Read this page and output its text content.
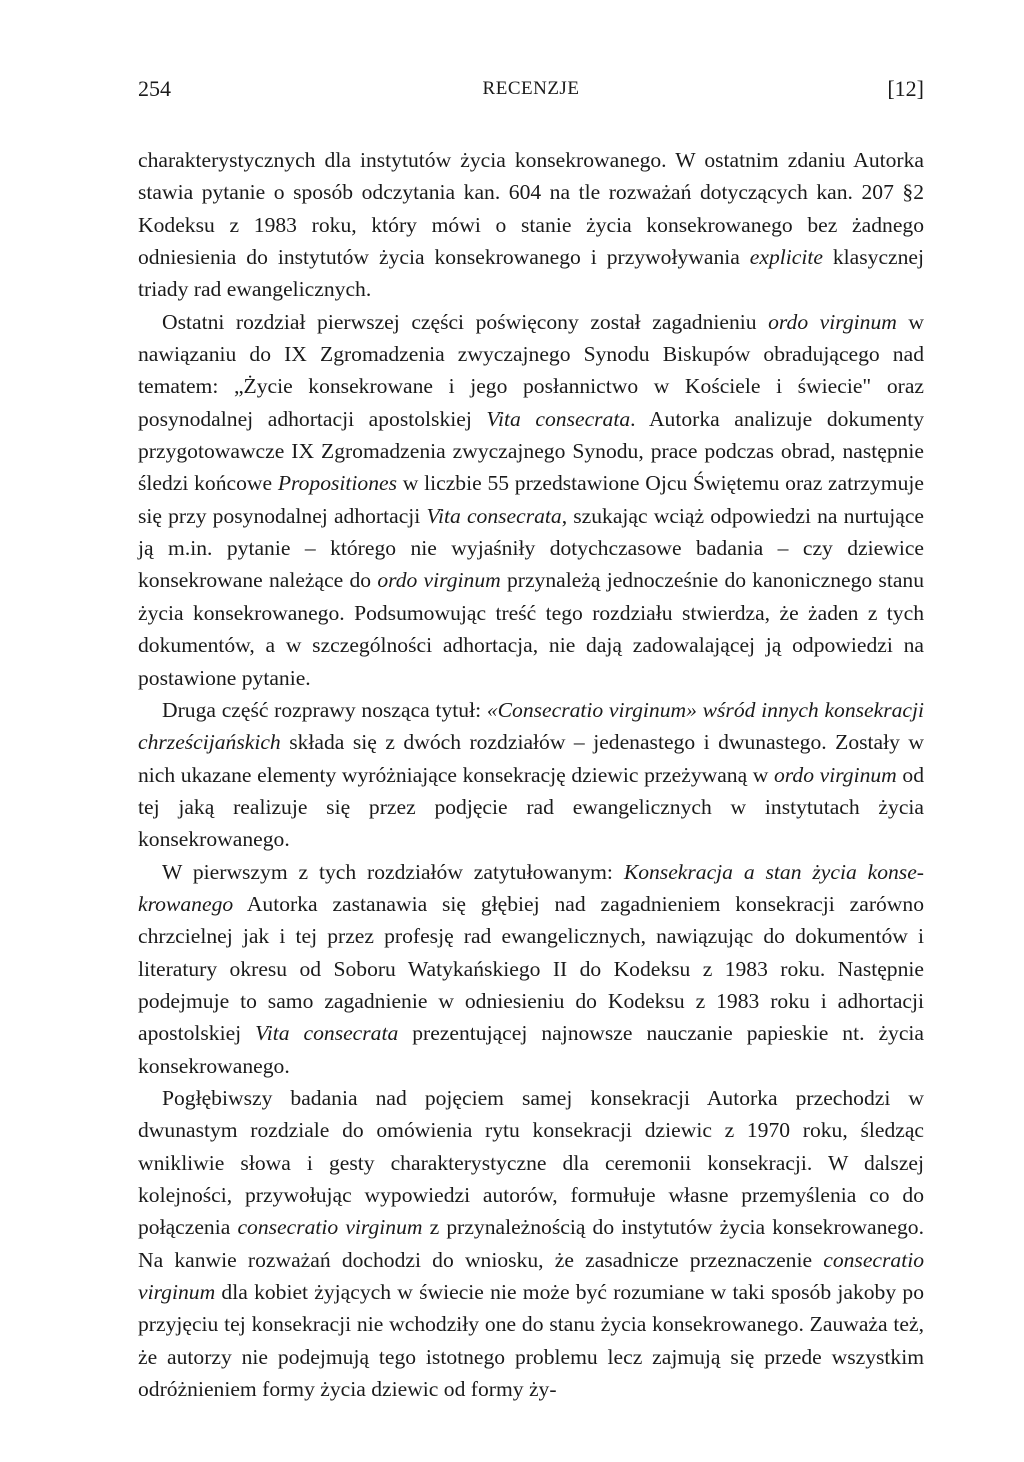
254	RECENZJE	[12]

charakterystycznych dla instytutów życia konsekrowanego. W ostatnim zdaniu Autorka stawia pytanie o sposób odczytania kan. 604 na tle rozważań dotyczących kan. 207 §2 Kodeksu z 1983 roku, który mówi o stanie życia konsekrowanego bez żadnego odniesienia do instytutów życia konsekrowanego i przywoływania explicite klasycznej triady rad ewangelicznych.

Ostatni rozdział pierwszej części poświęcony został zagadnieniu ordo virginum w nawiązaniu do IX Zgromadzenia zwyczajnego Synodu Biskupów obradującego nad tematem: „Życie konsekrowane i jego posłannictwo w Kościele i świecie" oraz posynodalnej adhortacji apostolskiej Vita consecrata. Autorka analizuje dokumenty przygotowawcze IX Zgromadzenia zwyczajnego Synodu, prace podczas obrad, następnie śledzi końcowe Propositiones w liczbie 55 przedstawione Ojcu Świętemu oraz zatrzymuje się przy posynodalnej adhortacji Vita consecrata, szukając wciąż odpowiedzi na nurtujące ją m.in. pytanie – którego nie wyjaśniły dotychczasowe badania – czy dziewice konsekrowane należące do ordo virginum przynależą jednocześnie do kanonicznego stanu życia konsekrowanego. Podsumowując treść tego rozdziału stwierdza, że żaden z tych dokumentów, a w szczególności adhortacja, nie dają zadowalającej ją odpowiedzi na postawione pytanie.

Druga część rozprawy nosząca tytuł: «Consecratio virginum» wśród innych konsekracji chrześcijańskich składa się z dwóch rozdziałów – jedenastego i dwunastego. Zostały w nich ukazane elementy wyróżniające konsekrację dziewic przeżywaną w ordo virginum od tej jaką realizuje się przez podjęcie rad ewangelicznych w instytutach życia konsekrowanego.

W pierwszym z tych rozdziałów zatytułowanym: Konsekracja a stan życia konsekrowanego Autorka zastanawia się głębiej nad zagadnieniem konsekracji zarówno chrzcielnej jak i tej przez profesję rad ewangelicznych, nawiązując do dokumentów i literatury okresu od Soboru Watykańskiego II do Kodeksu z 1983 roku. Następnie podejmuje to samo zagadnienie w odniesieniu do Kodeksu z 1983 roku i adhortacji apostolskiej Vita consecrata prezentującej najnowsze nauczanie papieskie nt. życia konsekrowanego.

Pogłębiwszy badania nad pojęciem samej konsekracji Autorka przechodzi w dwunastym rozdziale do omówienia rytu konsekracji dziewic z 1970 roku, śledząc wnikliwie słowa i gesty charakterystyczne dla ceremonii konsekracji. W dalszej kolejności, przywołując wypowiedzi autorów, formułuje własne przemyślenia co do połączenia consecratio virginum z przynależnością do instytutów życia konsekrowanego. Na kanwie rozważań dochodzi do wniosku, że zasadnicze przeznaczenie consecratio virginum dla kobiet żyjących w świecie nie może być rozumiane w taki sposób jakoby po przyjęciu tej konsekracji nie wchodziły one do stanu życia konsekrowanego. Zauważa też, że autorzy nie podejmują tego istotnego problemu lecz zajmują się przede wszystkim odróżnieniem formy życia dziewic od formy ży-
